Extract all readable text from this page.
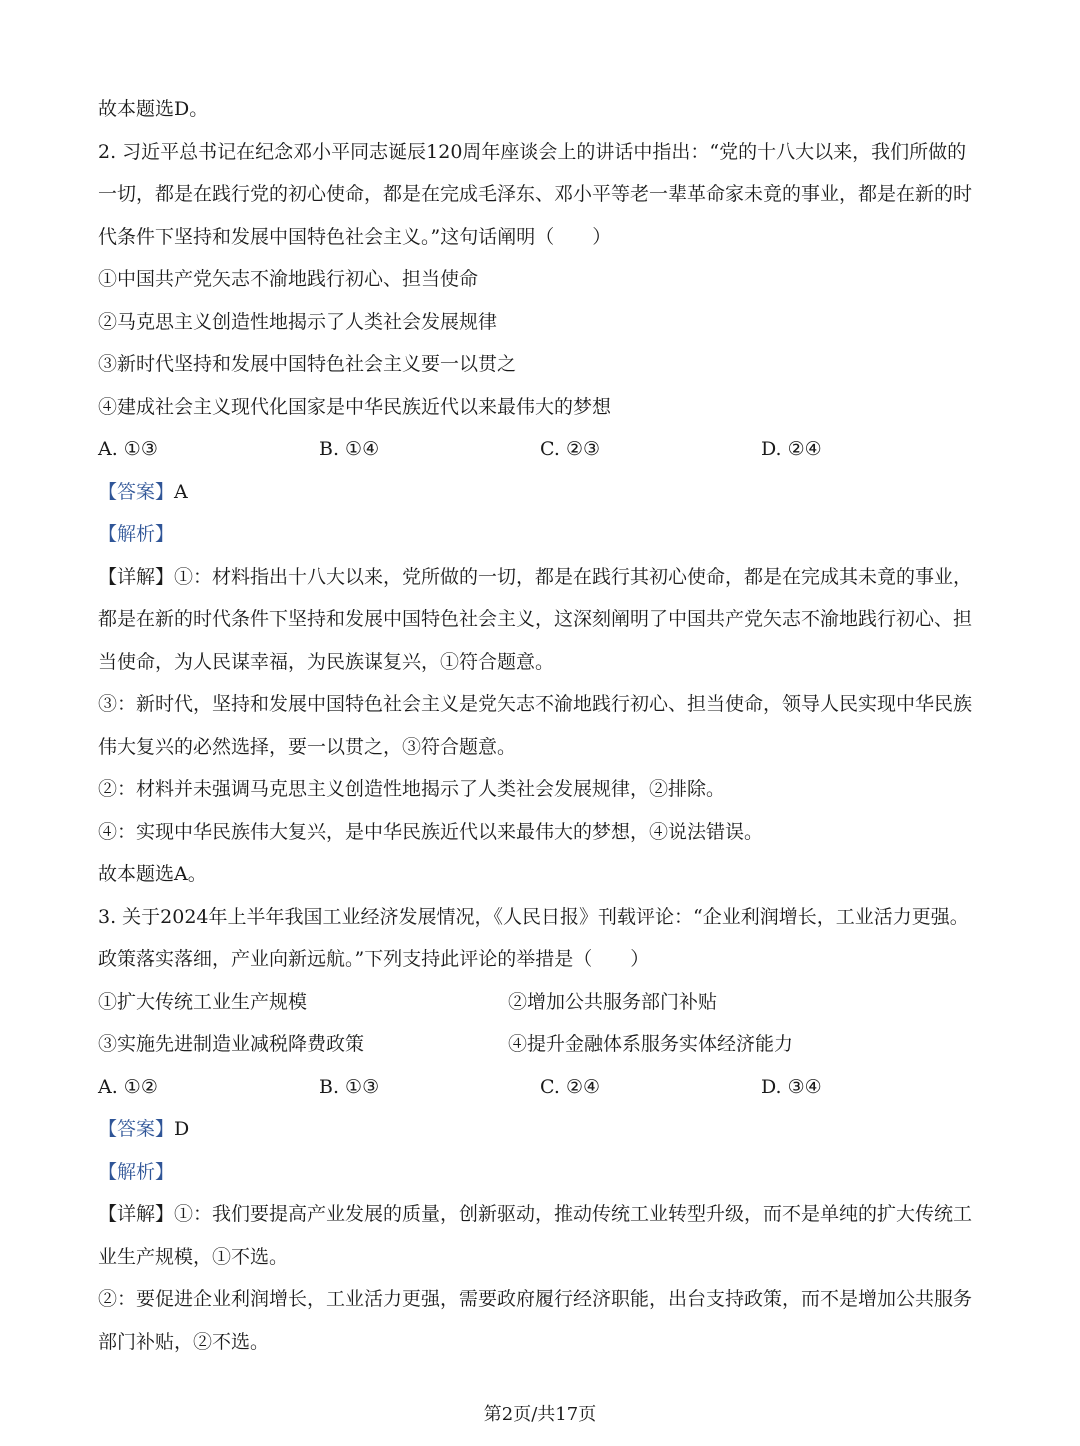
故本题选D。

2. 习近平总书记在纪念邓小平同志诞辰120周年座谈会上的讲话中指出：“党的十八大以来，我们所做的

一切，都是在践行党的初心使命，都是在完成毛泽东、邓小平等老一辈革命家未竟的事业，都是在新的时

代条件下坚持和发展中国特色社会主义。”这句话阐明（　　）

①中国共产党矢志不渝地践行初心、担当使命

②马克思主义创造性地揭示了人类社会发展规律

③新时代坚持和发展中国特色社会主义要一以贯之

④建成社会主义现代化国家是中华民族近代以来最伟大的梦想

A. ①③	B. ①④	C. ②③	D. ②④

【答案】A

【解析】

【详解】①：材料指出十八大以来，党所做的一切，都是在践行其初心使命，都是在完成其未竟的事业，

都是在新的时代条件下坚持和发展中国特色社会主义，这深刻阐明了中国共产党矢志不渝地践行初心、担

当使命，为人民谋幸福，为民族谋复兴，①符合题意。

③：新时代，坚持和发展中国特色社会主义是党矢志不渝地践行初心、担当使命，领导人民实现中华民族

伟大复兴的必然选择，要一以贯之，③符合题意。

②：材料并未强调马克思主义创造性地揭示了人类社会发展规律，②排除。

④：实现中华民族伟大复兴，是中华民族近代以来最伟大的梦想，④说法错误。

故本题选A。

3. 关于2024年上半年我国工业经济发展情况，《人民日报》刊载评论：“企业利润增长，工业活力更强。

政策落实落细，产业向新远航。”下列支持此评论的举措是（　　）

①扩大传统工业生产规模	②增加公共服务部门补贴
③实施先进制造业减税降费政策	④提升金融体系服务实体经济能力
A. ①②	B. ①③	C. ②④	D. ③④

【答案】D

【解析】

【详解】①：我们要提高产业发展的质量，创新驱动，推动传统工业转型升级，而不是单纯的扩大传统工

业生产规模，①不选。

②：要促进企业利润增长，工业活力更强，需要政府履行经济职能，出台支持政策，而不是增加公共服务

部门补贴，②不选。

第2页/共17页
